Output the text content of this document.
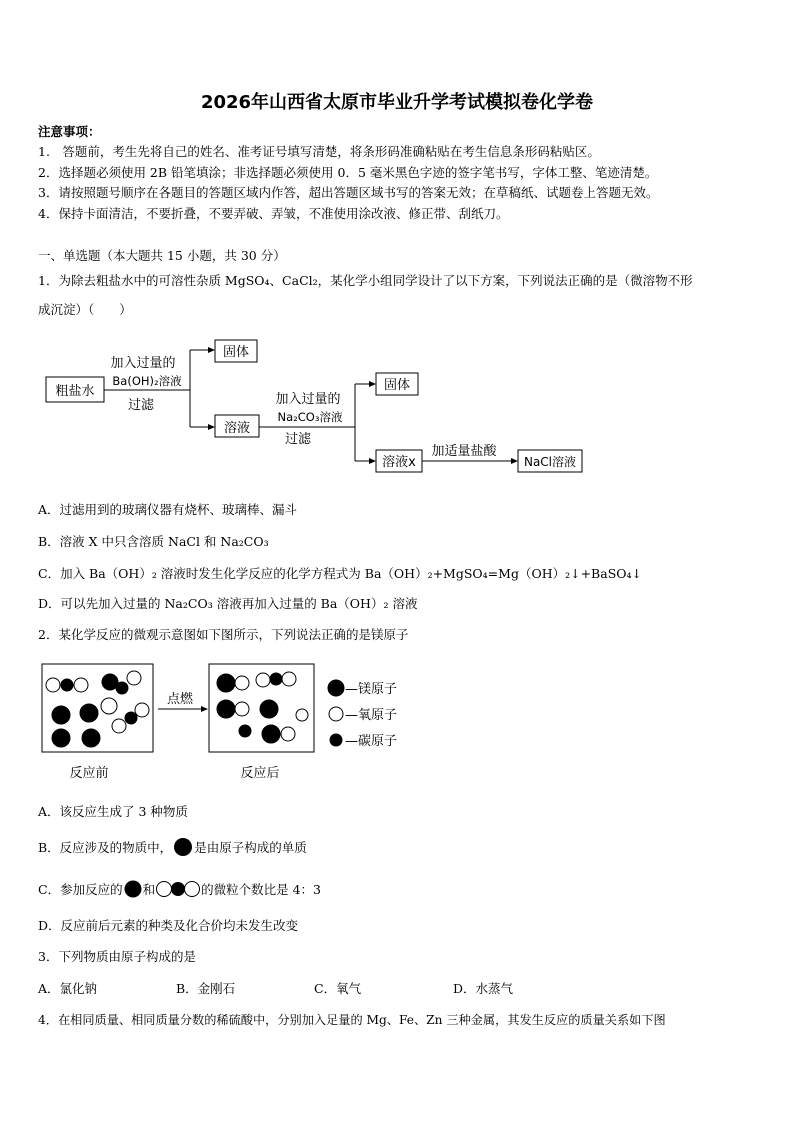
2026年山西省太原市毕业升学考试模拟卷化学卷
注意事项：
1.　答题前，考生先将自己的姓名、准考证号填写清楚，将条形码准确粘贴在考生信息条形码粘贴区。
2．选择题必须使用 2B 铅笔填涂；非选择题必须使用 0．5 毫米黑色字迹的签字笔书写，字体工整、笔迹清楚。
3．请按照题号顺序在各题目的答题区域内作答，超出答题区域书写的答案无效；在草稿纸、试题卷上答题无效。
4．保持卡面清洁，不要折叠，不要弄破、弄皱，不准使用涂改液、修正带、刮纸刀。
一、单选题（本大题共 15 小题，共 30 分）
1．为除去粗盐水中的可溶性杂质 MgSO₄、CaCl₂，某化学小组同学设计了以下方案，下列说法正确的是（微溶物不形
成沉淀）（　　）
粗盐水
加入过量的
Ba(OH)₂溶液
过滤
固体
溶液
加入过量的
Na₂CO₃溶液
过滤
固体
溶液x
加适量盐酸
NaCl溶液
A．过滤用到的玻璃仪器有烧杯、玻璃棒、漏斗
B．溶液 X 中只含溶质 NaCl 和 Na₂CO₃
C．加入 Ba（OH）₂ 溶液时发生化学反应的化学方程式为 Ba（OH）₂+MgSO₄=Mg（OH）₂↓+BaSO₄↓
D．可以先加入过量的 Na₂CO₃ 溶液再加入过量的 Ba（OH）₂ 溶液
2．某化学反应的微观示意图如下图所示，下列说法正确的是镁原子
点燃
反应前	反应后
—镁原子
—氧原子
—碳原子
A．该反应生成了 3 种物质
B．反应涉及的物质中， 是由原子构成的单质
C．参加反应的 和	的微粒个数比是 4：3
D．反应前后元素的种类及化合价均未发生改变
3．下列物质由原子构成的是
A．氯化钠	B．金刚石	C．氧气	D．水蒸气
4．在相同质量、相同质量分数的稀硫酸中，分别加入足量的 Mg、Fe、Zn 三种金属，其发生反应的质量关系如下图
